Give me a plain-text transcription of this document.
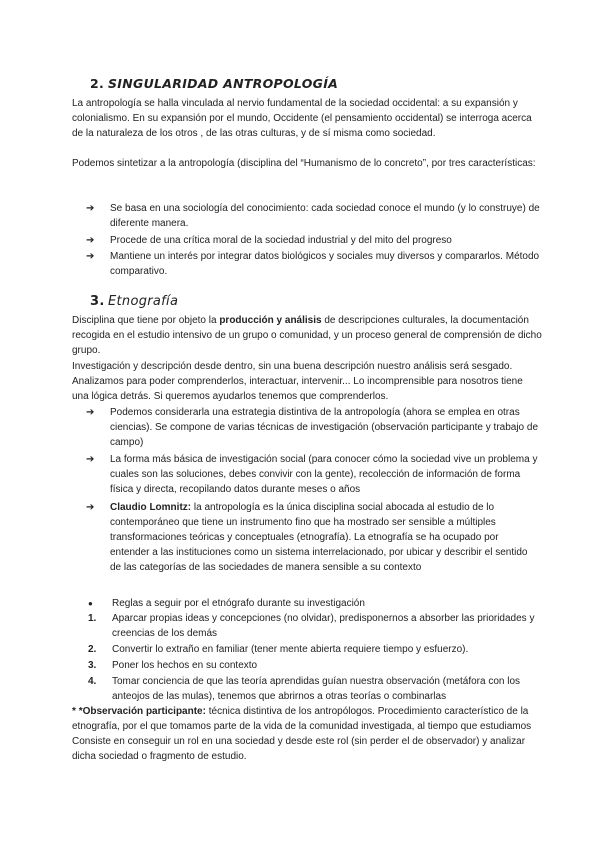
2. SINGULARIDAD ANTROPOLOGÍA

La antropología se halla vinculada al nervio fundamental de la sociedad occidental: a su expansión y colonialismo. En su expansión por el mundo, Occidente (el pensamiento occidental) se interroga acerca de la naturaleza de los otros , de las otras culturas, y de sí misma como sociedad.

Podemos sintetizar a la antropología (disciplina del “Humanismo de lo concreto”, por tres características:

➔ Se basa en una sociología del conocimiento: cada sociedad conoce el mundo (y lo construye) de diferente manera.
➔ Procede de una crítica moral de la sociedad industrial y del mito del progreso
➔ Mantiene un interés por integrar datos biológicos y sociales muy diversos y compararlos. Método comparativo.
3. Etnografía

Disciplina que tiene por objeto la producción y análisis de descripciones culturales, la documentación recogida en el estudio intensivo de un grupo o comunidad, y un proceso general de comprensión de dicho grupo.

Investigación y descripción desde dentro, sin una buena descripción nuestro análisis será sesgado.

Analizamos para poder comprenderlos, interactuar, intervenir... Lo incomprensible para nosotros tiene una lógica detrás. Si queremos ayudarlos tenemos que comprenderlos.

➔ Podemos considerarla una estrategia distintiva de la antropología (ahora se emplea en otras ciencias). Se compone de varias técnicas de investigación (observación participante y trabajo de campo)
➔ La forma más básica de investigación social (para conocer cómo la sociedad vive un problema y cuales son las soluciones, debes convivir con la gente), recolección de información de forma física y directa, recopilando datos durante meses o años
➔ Claudio Lomnitz: la antropología es la única disciplina social abocada al estudio de lo contemporáneo que tiene un instrumento fino que ha mostrado ser sensible a múltiples transformaciones teóricas y conceptuales (etnografía). La etnografía se ha ocupado por entender a las instituciones como un sistema interrelacionado, por ubicar y describir el sentido de las categorías de las sociedades de manera sensible a su contexto
● Reglas a seguir por el etnógrafo durante su investigación
1. Aparcar propias ideas y concepciones (no olvidar), predisponernos a absorber las prioridades y creencias de los demás
2. Convertir lo extraño en familiar (tener mente abierta requiere tiempo y esfuerzo).
3. Poner los hechos en su contexto
4. Tomar conciencia de que las teoría aprendidas guían nuestra observación (metáfora con los anteojos de las mulas), tenemos que abrirnos a otras teorías o combinarlas

* *Observación participante: técnica distintiva de los antropólogos. Procedimiento característico de la etnografía, por el que tomamos parte de la vida de la comunidad investigada, al tiempo que estudiamos Consiste en conseguir un rol en una sociedad y desde este rol (sin perder el de observador) y analizar dicha sociedad o fragmento de estudio.
